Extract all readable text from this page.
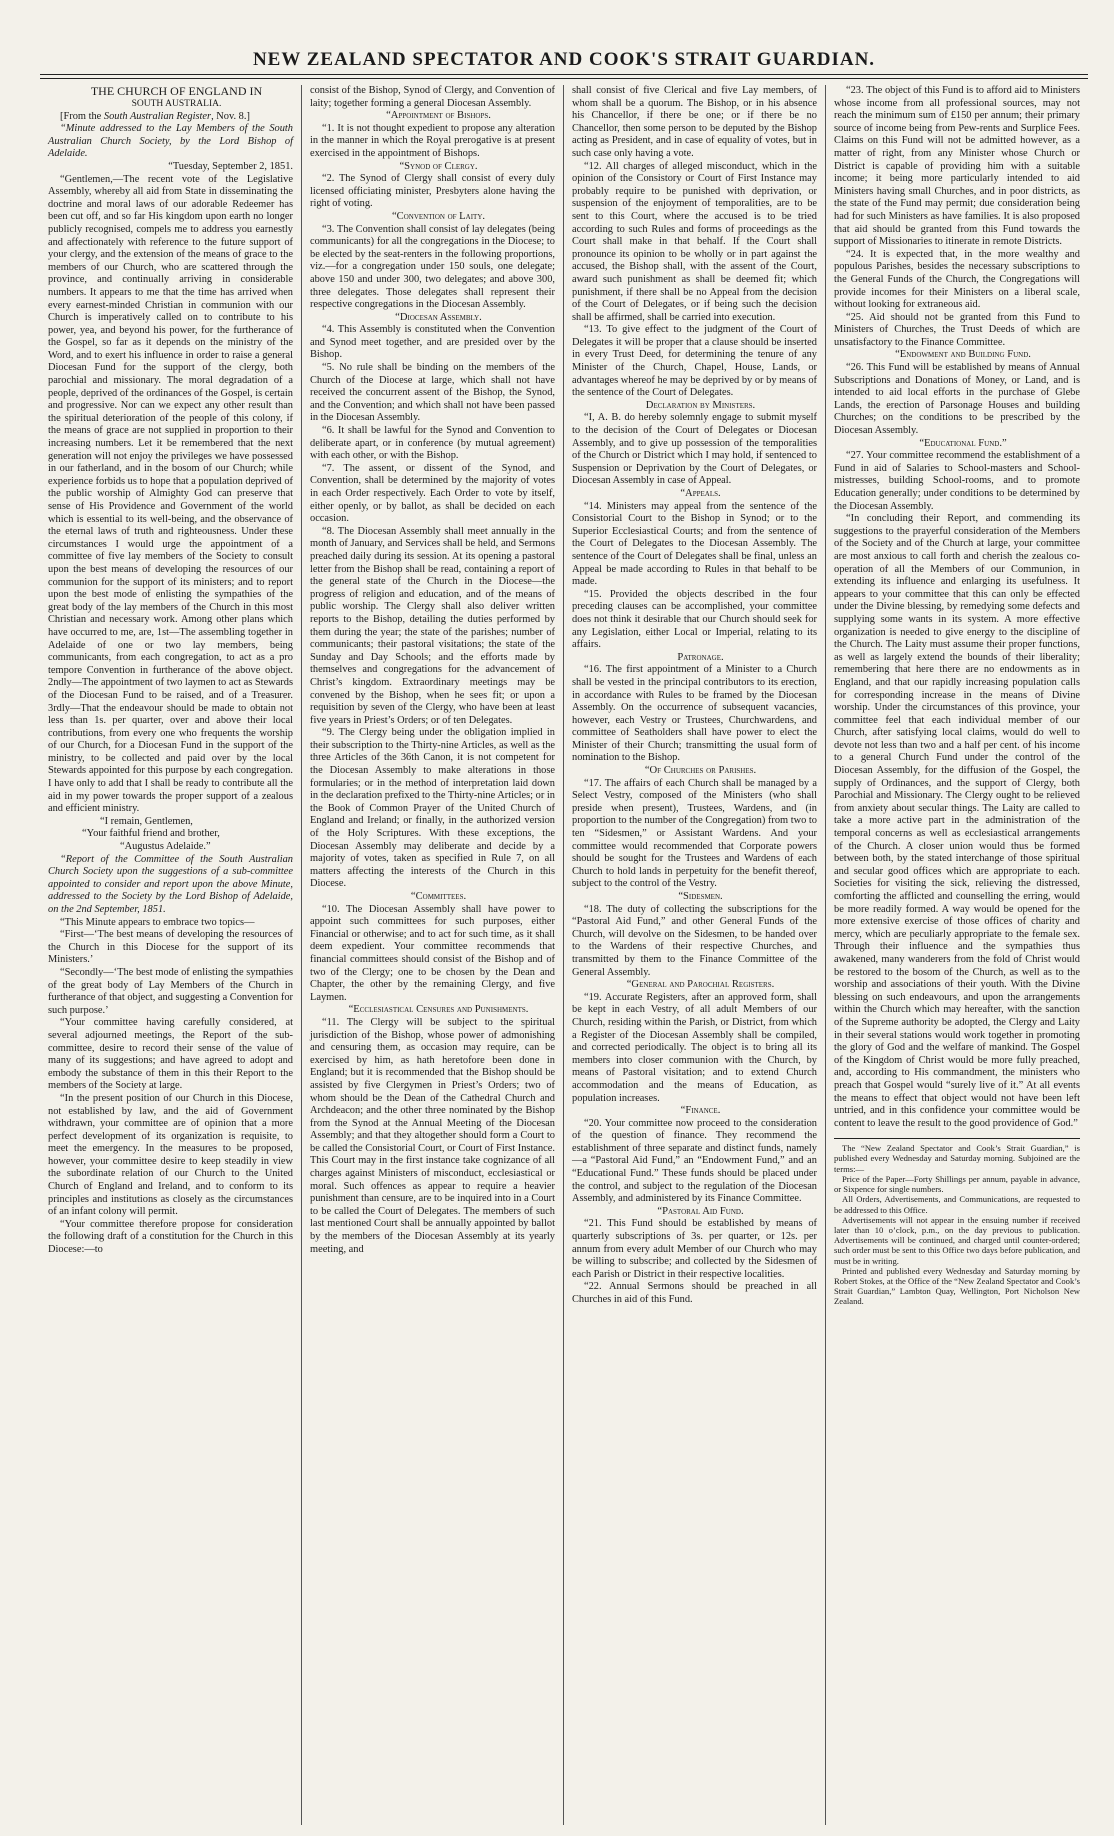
NEW ZEALAND SPECTATOR AND COOK'S STRAIT GUARDIAN.

THE CHURCH OF ENGLAND IN

SOUTH AUSTRALIA.

[From the South Australian Register, Nov. 8.]

“Minute addressed to the Lay Members of the South Australian Church Society, by the Lord Bishop of Adelaide.

“Tuesday, September 2, 1851.

“Gentlemen,—The recent vote of the Legislative Assembly, whereby all aid from State in disseminating the doctrine and moral laws of our adorable Redeemer has been cut off, and so far His kingdom upon earth no longer publicly recognised, compels me to address you earnestly and affectionately with reference to the future support of your clergy, and the extension of the means of grace to the members of our Church, who are scattered through the province, and continually arriving in considerable numbers. It appears to me that the time has arrived when every earnest-minded Christian in communion with our Church is imperatively called on to contribute to his power, yea, and beyond his power, for the furtherance of the Gospel, so far as it depends on the ministry of the Word, and to exert his influence in order to raise a general Diocesan Fund for the support of the clergy, both parochial and missionary. The moral degradation of a people, deprived of the ordinances of the Gospel, is certain and progressive. Nor can we expect any other result than the spiritual deterioration of the people of this colony, if the means of grace are not supplied in proportion to their increasing numbers. Let it be remembered that the next generation will not enjoy the privileges we have possessed in our fatherland, and in the bosom of our Church; while experience forbids us to hope that a population deprived of the public worship of Almighty God can preserve that sense of His Providence and Government of the world which is essential to its well-being, and the observance of the eternal laws of truth and righteousness. Under these circumstances I would urge the appointment of a committee of five lay members of the Society to consult upon the best means of developing the resources of our communion for the support of its ministers; and to report upon the best mode of enlisting the sympathies of the great body of the lay members of the Church in this most Christian and necessary work. Among other plans which have occurred to me, are, 1st—The assembling together in Adelaide of one or two lay members, being communicants, from each congregation, to act as a pro tempore Convention in furtherance of the above object. 2ndly—The appointment of two laymen to act as Stewards of the Diocesan Fund to be raised, and of a Treasurer. 3rdly—That the endeavour should be made to obtain not less than 1s. per quarter, over and above their local contributions, from every one who frequents the worship of our Church, for a Diocesan Fund in the support of the ministry, to be collected and paid over by the local Stewards appointed for this purpose by each congregation. I have only to add that I shall be ready to contribute all the aid in my power towards the proper support of a zealous and efficient ministry.

“I remain, Gentlemen,

“Your faithful friend and brother,

“Augustus Adelaide.”

“Report of the Committee of the South Australian Church Society upon the suggestions of a sub-committee appointed to consider and report upon the above Minute, addressed to the Society by the Lord Bishop of Adelaide, on the 2nd September, 1851.

“This Minute appears to embrace two topics—

“First—‘The best means of developing the resources of the Church in this Diocese for the support of its Ministers.’

“Secondly—‘The best mode of enlisting the sympathies of the great body of Lay Members of the Church in furtherance of that object, and suggesting a Convention for such purpose.’

“Your committee having carefully considered, at several adjourned meetings, the Report of the sub-committee, desire to record their sense of the value of many of its suggestions; and have agreed to adopt and embody the substance of them in this their Report to the members of the Society at large.

“In the present position of our Church in this Diocese, not established by law, and the aid of Government withdrawn, your committee are of opinion that a more perfect development of its organization is requisite, to meet the emergency. In the measures to be proposed, however, your committee desire to keep steadily in view the subordinate relation of our Church to the United Church of England and Ireland, and to conform to its principles and institutions as closely as the circumstances of an infant colony will permit.

“Your committee therefore propose for consideration the following draft of a constitution for the Church in this Diocese:—to

consist of the Bishop, Synod of Clergy, and Convention of laity; together forming a general Diocesan Assembly.

“Appointment of Bishops.

“1. It is not thought expedient to propose any alteration in the manner in which the Royal prerogative is at present exercised in the appointment of Bishops.

“Synod of Clergy.

“2. The Synod of Clergy shall consist of every duly licensed officiating minister, Presbyters alone having the right of voting.

“Convention of Laity.

“3. The Convention shall consist of lay delegates (being communicants) for all the congregations in the Diocese; to be elected by the seat-renters in the following proportions, viz.—for a congregation under 150 souls, one delegate; above 150 and under 300, two delegates; and above 300, three delegates. Those delegates shall represent their respective congregations in the Diocesan Assembly.

“Diocesan Assembly.

“4. This Assembly is constituted when the Convention and Synod meet together, and are presided over by the Bishop.

“5. No rule shall be binding on the members of the Church of the Diocese at large, which shall not have received the concurrent assent of the Bishop, the Synod, and the Convention; and which shall not have been passed in the Diocesan Assembly.

“6. It shall be lawful for the Synod and Convention to deliberate apart, or in conference (by mutual agreement) with each other, or with the Bishop.

“7. The assent, or dissent of the Synod, and Convention, shall be determined by the majority of votes in each Order respectively. Each Order to vote by itself, either openly, or by ballot, as shall be decided on each occasion.

“8. The Diocesan Assembly shall meet annually in the month of January, and Services shall be held, and Sermons preached daily during its session. At its opening a pastoral letter from the Bishop shall be read, containing a report of the general state of the Church in the Diocese—the progress of religion and education, and of the means of public worship. The Clergy shall also deliver written reports to the Bishop, detailing the duties performed by them during the year; the state of the parishes; number of communicants; their pastoral visitations; the state of the Sunday and Day Schools; and the efforts made by themselves and congregations for the advancement of Christ’s kingdom. Extraordinary meetings may be convened by the Bishop, when he sees fit; or upon a requisition by seven of the Clergy, who have been at least five years in Priest’s Orders; or of ten Delegates.

“9. The Clergy being under the obligation implied in their subscription to the Thirty-nine Articles, as well as the three Articles of the 36th Canon, it is not competent for the Diocesan Assembly to make alterations in those formularies; or in the method of interpretation laid down in the declaration prefixed to the Thirty-nine Articles; or in the Book of Common Prayer of the United Church of England and Ireland; or finally, in the authorized version of the Holy Scriptures. With these exceptions, the Diocesan Assembly may deliberate and decide by a majority of votes, taken as specified in Rule 7, on all matters affecting the interests of the Church in this Diocese.

“Committees.

“10. The Diocesan Assembly shall have power to appoint such committees for such purposes, either Financial or otherwise; and to act for such time, as it shall deem expedient. Your committee recommends that financial committees should consist of the Bishop and of two of the Clergy; one to be chosen by the Dean and Chapter, the other by the remaining Clergy, and five Laymen.

“Ecclesiastical Censures and Punishments.

“11. The Clergy will be subject to the spiritual jurisdiction of the Bishop, whose power of admonishing and censuring them, as occasion may require, can be exercised by him, as hath heretofore been done in England; but it is recommended that the Bishop should be assisted by five Clergymen in Priest’s Orders; two of whom should be the Dean of the Cathedral Church and Archdeacon; and the other three nominated by the Bishop from the Synod at the Annual Meeting of the Diocesan Assembly; and that they altogether should form a Court to be called the Consistorial Court, or Court of First Instance. This Court may in the first instance take cognizance of all charges against Ministers of misconduct, ecclesiastical or moral. Such offences as appear to require a heavier punishment than censure, are to be inquired into in a Court to be called the Court of Delegates. The members of such last mentioned Court shall be annually appointed by ballot by the members of the Diocesan Assembly at its yearly meeting, and

shall consist of five Clerical and five Lay members, of whom shall be a quorum. The Bishop, or in his absence his Chancellor, if there be one; or if there be no Chancellor, then some person to be deputed by the Bishop acting as President, and in case of equality of votes, but in such case only having a vote.

“12. All charges of alleged misconduct, which in the opinion of the Consistory or Court of First Instance may probably require to be punished with deprivation, or suspension of the enjoyment of temporalities, are to be sent to this Court, where the accused is to be tried according to such Rules and forms of proceedings as the Court shall make in that behalf. If the Court shall pronounce its opinion to be wholly or in part against the accused, the Bishop shall, with the assent of the Court, award such punishment as shall be deemed fit; which punishment, if there shall be no Appeal from the decision of the Court of Delegates, or if being such the decision shall be affirmed, shall be carried into execution.

“13. To give effect to the judgment of the Court of Delegates it will be proper that a clause should be inserted in every Trust Deed, for determining the tenure of any Minister of the Church, Chapel, House, Lands, or advantages whereof he may be deprived by or by means of the sentence of the Court of Delegates.

Declaration by Ministers.

“I, A. B. do hereby solemnly engage to submit myself to the decision of the Court of Delegates or Diocesan Assembly, and to give up possession of the temporalities of the Church or District which I may hold, if sentenced to Suspension or Deprivation by the Court of Delegates, or Diocesan Assembly in case of Appeal.

“Appeals.

“14. Ministers may appeal from the sentence of the Consistorial Court to the Bishop in Synod; or to the Superior Ecclesiastical Courts; and from the sentence of the Court of Delegates to the Diocesan Assembly. The sentence of the Court of Delegates shall be final, unless an Appeal be made according to Rules in that behalf to be made.

“15. Provided the objects described in the four preceding clauses can be accomplished, your committee does not think it desirable that our Church should seek for any Legislation, either Local or Imperial, relating to its affairs.

Patronage.

“16. The first appointment of a Minister to a Church shall be vested in the principal contributors to its erection, in accordance with Rules to be framed by the Diocesan Assembly. On the occurrence of subsequent vacancies, however, each Vestry or Trustees, Churchwardens, and committee of Seatholders shall have power to elect the Minister of their Church; transmitting the usual form of nomination to the Bishop.

“Of Churches or Parishes.

“17. The affairs of each Church shall be managed by a Select Vestry, composed of the Ministers (who shall preside when present), Trustees, Wardens, and (in proportion to the number of the Congregation) from two to ten “Sidesmen,” or Assistant Wardens. And your committee would recommended that Corporate powers should be sought for the Trustees and Wardens of each Church to hold lands in perpetuity for the benefit thereof, subject to the control of the Vestry.

“Sidesmen.

“18. The duty of collecting the subscriptions for the “Pastoral Aid Fund,” and other General Funds of the Church, will devolve on the Sidesmen, to be handed over to the Wardens of their respective Churches, and transmitted by them to the Finance Committee of the General Assembly.

“General and Parochial Registers.

“19. Accurate Registers, after an approved form, shall be kept in each Vestry, of all adult Members of our Church, residing within the Parish, or District, from which a Register of the Diocesan Assembly shall be compiled, and corrected periodically. The object is to bring all its members into closer communion with the Church, by means of Pastoral visitation; and to extend Church accommodation and the means of Education, as population increases.

“Finance.

“20. Your committee now proceed to the consideration of the question of finance. They recommend the establishment of three separate and distinct funds, namely—a “Pastoral Aid Fund,” an “Endowment Fund,” and an “Educational Fund.” These funds should be placed under the control, and subject to the regulation of the Diocesan Assembly, and administered by its Finance Committee.

“Pastoral Aid Fund.

“21. This Fund should be established by means of quarterly subscriptions of 3s. per quarter, or 12s. per annum from every adult Member of our Church who may be willing to subscribe; and collected by the Sidesmen of each Parish or District in their respective localities.

“22. Annual Sermons should be preached in all Churches in aid of this Fund.

“23. The object of this Fund is to afford aid to Ministers whose income from all professional sources, may not reach the minimum sum of £150 per annum; their primary source of income being from Pew-rents and Surplice Fees. Claims on this Fund will not be admitted however, as a matter of right, from any Minister whose Church or District is capable of providing him with a suitable income; it being more particularly intended to aid Ministers having small Churches, and in poor districts, as the state of the Fund may permit; due consideration being had for such Ministers as have families. It is also proposed that aid should be granted from this Fund towards the support of Missionaries to itinerate in remote Districts.

“24. It is expected that, in the more wealthy and populous Parishes, besides the necessary subscriptions to the General Funds of the Church, the Congregations will provide incomes for their Ministers on a liberal scale, without looking for extraneous aid.

“25. Aid should not be granted from this Fund to Ministers of Churches, the Trust Deeds of which are unsatisfactory to the Finance Committee.

“Endowment and Building Fund.

“26. This Fund will be established by means of Annual Subscriptions and Donations of Money, or Land, and is intended to aid local efforts in the purchase of Glebe Lands, the erection of Parsonage Houses and building Churches; on the conditions to be prescribed by the Diocesan Assembly.

“Educational Fund.”

“27. Your committee recommend the establishment of a Fund in aid of Salaries to School-masters and School-mistresses, building School-rooms, and to promote Education generally; under conditions to be determined by the Diocesan Assembly.

“In concluding their Report, and commending its suggestions to the prayerful consideration of the Members of the Society and of the Church at large, your committee are most anxious to call forth and cherish the zealous co-operation of all the Members of our Communion, in extending its influence and enlarging its usefulness. It appears to your committee that this can only be effected under the Divine blessing, by remedying some defects and supplying some wants in its system. A more effective organization is needed to give energy to the discipline of the Church. The Laity must assume their proper functions, as well as largely extend the bounds of their liberality; remembering that here there are no endowments as in England, and that our rapidly increasing population calls for corresponding increase in the means of Divine worship. Under the circumstances of this province, your committee feel that each individual member of our Church, after satisfying local claims, would do well to devote not less than two and a half per cent. of his income to a general Church Fund under the control of the Diocesan Assembly, for the diffusion of the Gospel, the supply of Ordinances, and the support of Clergy, both Parochial and Missionary. The Clergy ought to be relieved from anxiety about secular things. The Laity are called to take a more active part in the administration of the temporal concerns as well as ecclesiastical arrangements of the Church. A closer union would thus be formed between both, by the stated interchange of those spiritual and secular good offices which are appropriate to each. Societies for visiting the sick, relieving the distressed, comforting the afflicted and counselling the erring, would be more readily formed. A way would be opened for the more extensive exercise of those offices of charity and mercy, which are peculiarly appropriate to the female sex. Through their influence and the sympathies thus awakened, many wanderers from the fold of Christ would be restored to the bosom of the Church, as well as to the worship and associations of their youth. With the Divine blessing on such endeavours, and upon the arrangements within the Church which may hereafter, with the sanction of the Supreme authority be adopted, the Clergy and Laity in their several stations would work together in promoting the glory of God and the welfare of mankind. The Gospel of the Kingdom of Christ would be more fully preached, and, according to His commandment, the ministers who preach that Gospel would “surely live of it.” At all events the means to effect that object would not have been left untried, and in this confidence your committee would be content to leave the result to the good providence of God.”

The “New Zealand Spectator and Cook’s Strait Guardian,” is published every Wednesday and Saturday morning. Subjoined are the terms:—

Price of the Paper—Forty Shillings per annum, payable in advance, or Sixpence for single numbers.

All Orders, Advertisements, and Communications, are requested to be addressed to this Office.

Advertisements will not appear in the ensuing number if received later than 10 o’clock, p.m., on the day previous to publication. Advertisements will be continued, and charged until counter-ordered; such order must be sent to this Office two days before publication, and must be in writing.

Printed and published every Wednesday and Saturday morning by Robert Stokes, at the Office of the “New Zealand Spectator and Cook’s Strait Guardian,” Lambton Quay, Wellington, Port Nicholson New Zealand.
